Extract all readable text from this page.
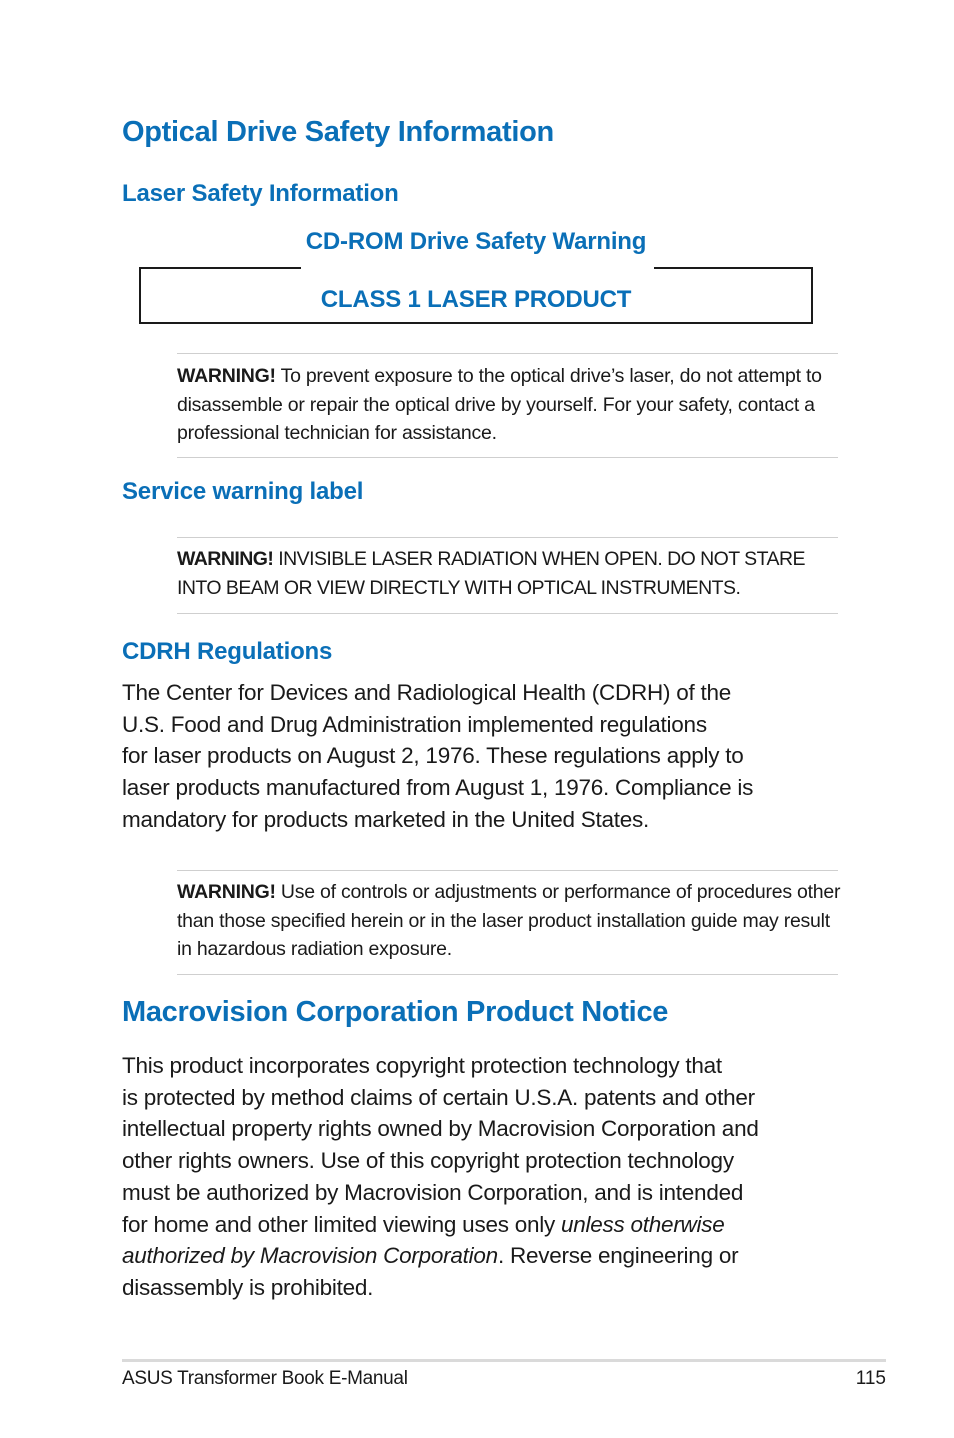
Optical Drive Safety Information
Laser Safety Information
CD-ROM Drive Safety Warning
CLASS 1 LASER PRODUCT
WARNING! To prevent exposure to the optical drive’s laser, do not attempt to disassemble or repair the optical drive by yourself. For your safety, contact a professional technician for assistance.
Service warning label
WARNING! INVISIBLE LASER RADIATION WHEN OPEN. DO NOT STARE INTO BEAM OR VIEW DIRECTLY WITH OPTICAL INSTRUMENTS.
CDRH Regulations
The Center for Devices and Radiological Health (CDRH) of the
U.S. Food and Drug Administration implemented regulations
for laser products on August 2, 1976. These regulations apply to
laser products manufactured from August 1, 1976. Compliance is
mandatory for products marketed in the United States.
WARNING! Use of controls or adjustments or performance of procedures other than those specified herein or in the laser product installation guide may result in hazardous radiation exposure.
Macrovision Corporation Product Notice
This product incorporates copyright protection technology that
is protected by method claims of certain U.S.A. patents and other
intellectual property rights owned by Macrovision Corporation and
other rights owners. Use of this copyright protection technology
must be authorized by Macrovision Corporation, and is intended
for home and other limited viewing uses only unless otherwise
authorized by Macrovision Corporation. Reverse engineering or
disassembly is prohibited.
ASUS Transformer Book E-Manual	115
